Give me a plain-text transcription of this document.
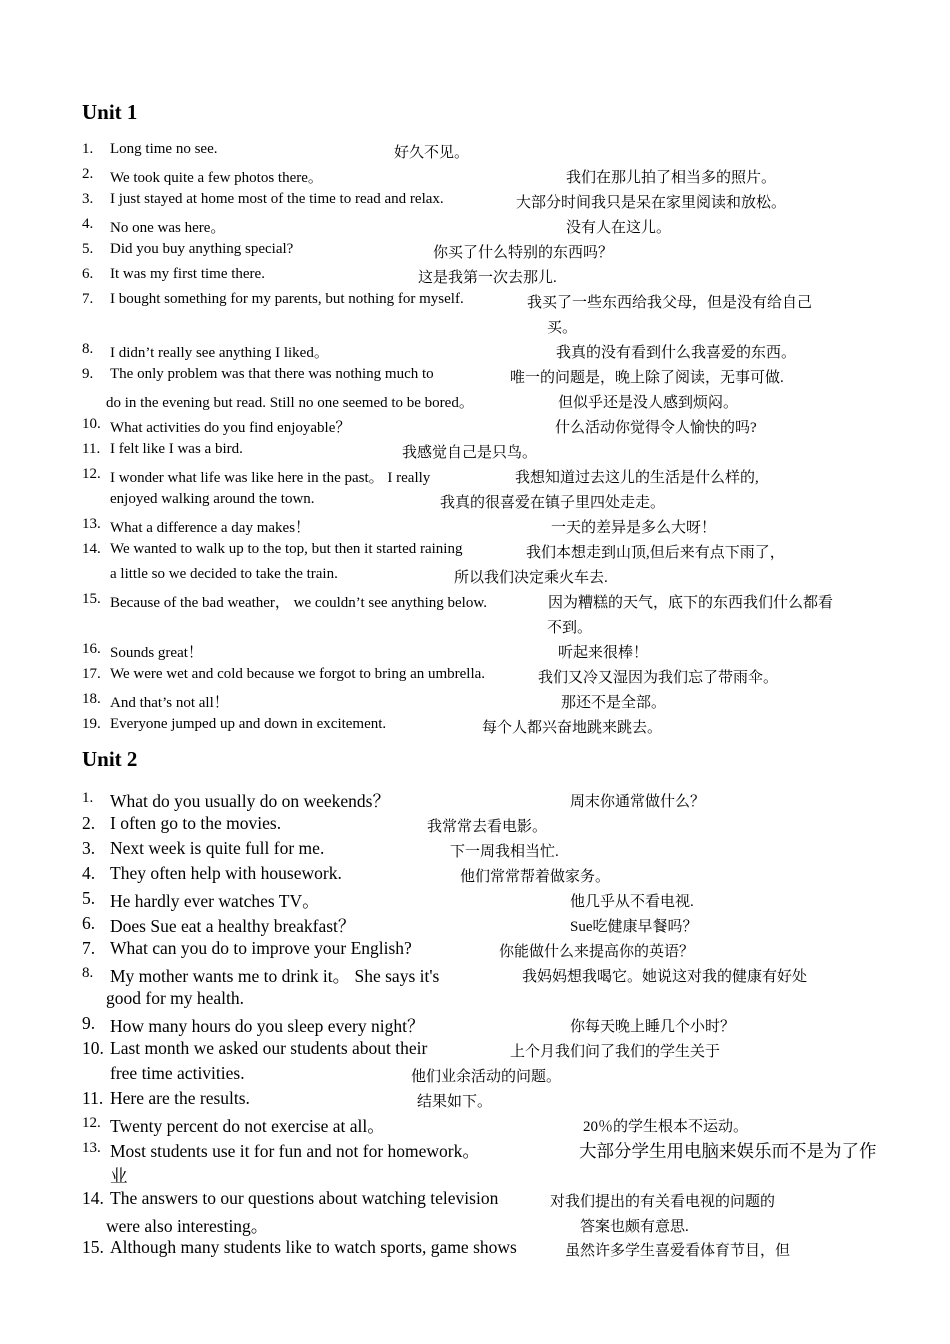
Unit 1
1. Long time no see.	好久不见。
2. We took quite a few photos there。	我们在那儿拍了相当多的照片。
3. I just stayed at home most of the time to read and relax.	大部分时间我只是呆在家里阅读和放松。
4. No one was here。	没有人在这儿。
5. Did you buy anything special?	你买了什么特别的东西吗？
6. It was my first time there.	这是我第一次去那儿.
7. I bought something for my parents, but nothing for myself.	我买了一些东西给我父母，但是没有给自己
买。
8. I didn’t really see anything I liked。	我真的没有看到什么我喜爱的东西。
9. The only problem was that there was nothing much to	唯一的问题是，晚上除了阅读，无事可做.
do in the evening but read. Still no one seemed to be bored。	但似乎还是没人感到烦闷。
10. What activities do you find enjoyable？	什么活动你觉得令人愉快的吗?
11. I felt like I was a bird.	我感觉自己是只鸟。
12. I wonder what life was like here in the past。 I really	我想知道过去这儿的生活是什么样的,
enjoyed walking around the town.	我真的很喜爱在镇子里四处走走。
13. What a difference a day makes！	一天的差异是多么大呀！
14. We wanted to walk up to the top, but then it started raining	我们本想走到山顶,但后来有点下雨了，
a little so we decided to take the train.	所以我们决定乘火车去.
15. Because of the bad weather， we couldn’t see anything below.	因为糟糕的天气，底下的东西我们什么都看
不到。
16. Sounds great！	听起来很棒！
17. We were wet and cold because we forgot to bring an umbrella.	我们又冷又湿因为我们忘了带雨伞。
18. And that’s not all！	那还不是全部。
19. Everyone jumped up and down in excitement.	每个人都兴奋地跳来跳去。
Unit 2
1. What do you usually do on weekends？	周末你通常做什么？
2. I often go to the movies.	我常常去看电影。
3. Next week is quite full for me.	下一周我相当忙.
4. They often help with housework.	他们常常帮着做家务。
5. He hardly ever watches TV。	他几乎从不看电视.
6. Does Sue eat a healthy breakfast？	Sue吃健康早餐吗？
7. What can you do to improve your English?	你能做什么来提高你的英语？
8. My mother wants me to drink it。 She says it's	我妈妈想我喝它。她说这对我的健康有好处
good for my health.
9. How many hours do you sleep every night？	你每天晚上睡几个小时？
10. Last month we asked our students about their	上个月我们问了我们的学生关于
free time activities.	他们业余活动的问题。
11. Here are the results.	结果如下。
12. Twenty percent do not exercise at all。	20％的学生根本不运动。
13. Most students use it for fun and not for homework。	大部分学生用电脑来娱乐而不是为了作
业
14. The answers to our questions about watching television	对我们提出的有关看电视的问题的
were also interesting。	答案也颇有意思.
15. Although many students like to watch sports, game shows	虽然许多学生喜爱看体育节目，但
